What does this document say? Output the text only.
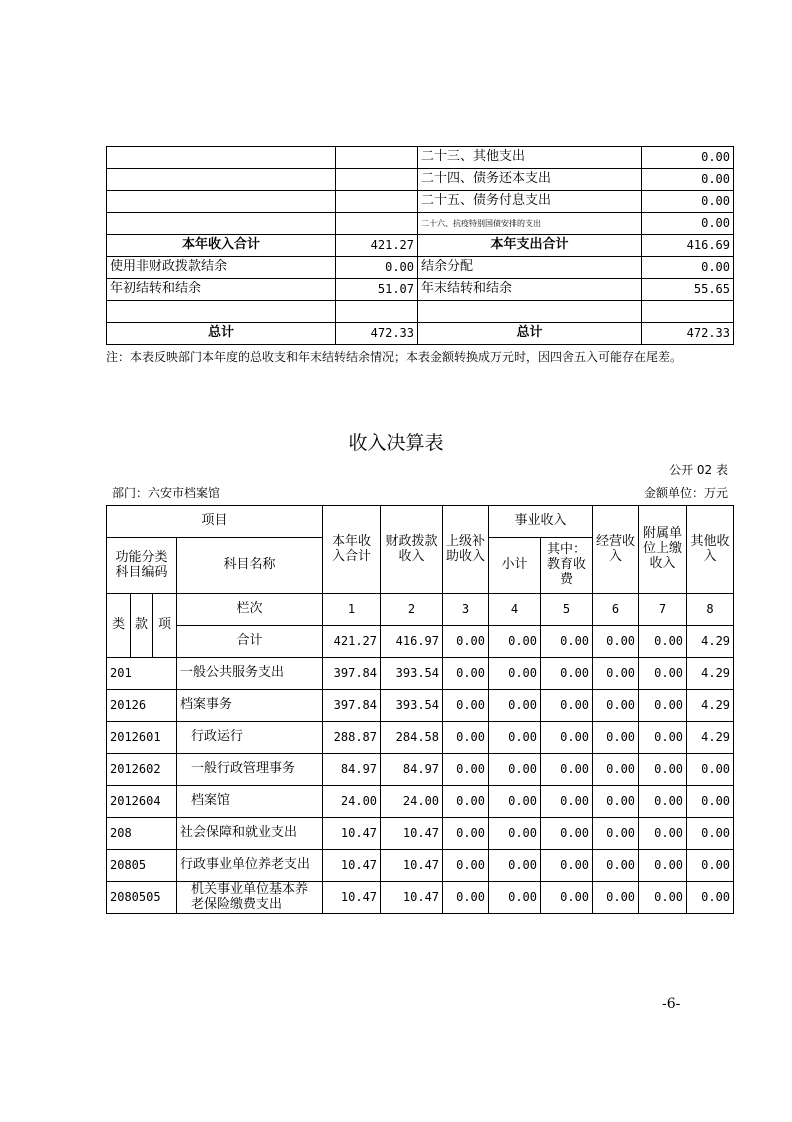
		二十三、其他支出	0.00
		二十四、债务还本支出	0.00
		二十五、债务付息支出	0.00
		二十六、抗疫特别国债安排的支出	0.00
本年收入合计	421.27	本年支出合计	416.69
使用非财政拨款结余	0.00	结余分配	0.00
年初结转和结余	51.07	年末结转和结余	55.65

总计	472.33	总计	472.33
注：本表反映部门本年度的总收支和年末结转结余情况；本表金额转换成万元时，因四舍五入可能存在尾差。
收入决算表
公开 02 表
部门：六安市档案馆	金额单位：万元
项目				本年收入合计	财政拨款收入	上级补助收入	事业收入		经营收入	附属单位上缴收入	其他收入
功能分类科目编码			科目名称				小计	其中：教育收费			

类	款	项	栏次	1	2	3	4	5	6	7	8
			合计	421.27	416.97	0.00	0.00	0.00	0.00	0.00	4.29
201			一般公共服务支出	397.84	393.54	0.00	0.00	0.00	0.00	0.00	4.29
20126			档案事务	397.84	393.54	0.00	0.00	0.00	0.00	0.00	4.29
2012601			行政运行	288.87	284.58	0.00	0.00	0.00	0.00	0.00	4.29
2012602			一般行政管理事务	84.97	84.97	0.00	0.00	0.00	0.00	0.00	0.00
2012604			档案馆	24.00	24.00	0.00	0.00	0.00	0.00	0.00	0.00
208			社会保障和就业支出	10.47	10.47	0.00	0.00	0.00	0.00	0.00	0.00
20805			行政事业单位养老支出	10.47	10.47	0.00	0.00	0.00	0.00	0.00	0.00
2080505			机关事业单位基本养老保险缴费支出	10.47	10.47	0.00	0.00	0.00	0.00	0.00	0.00
-6-
